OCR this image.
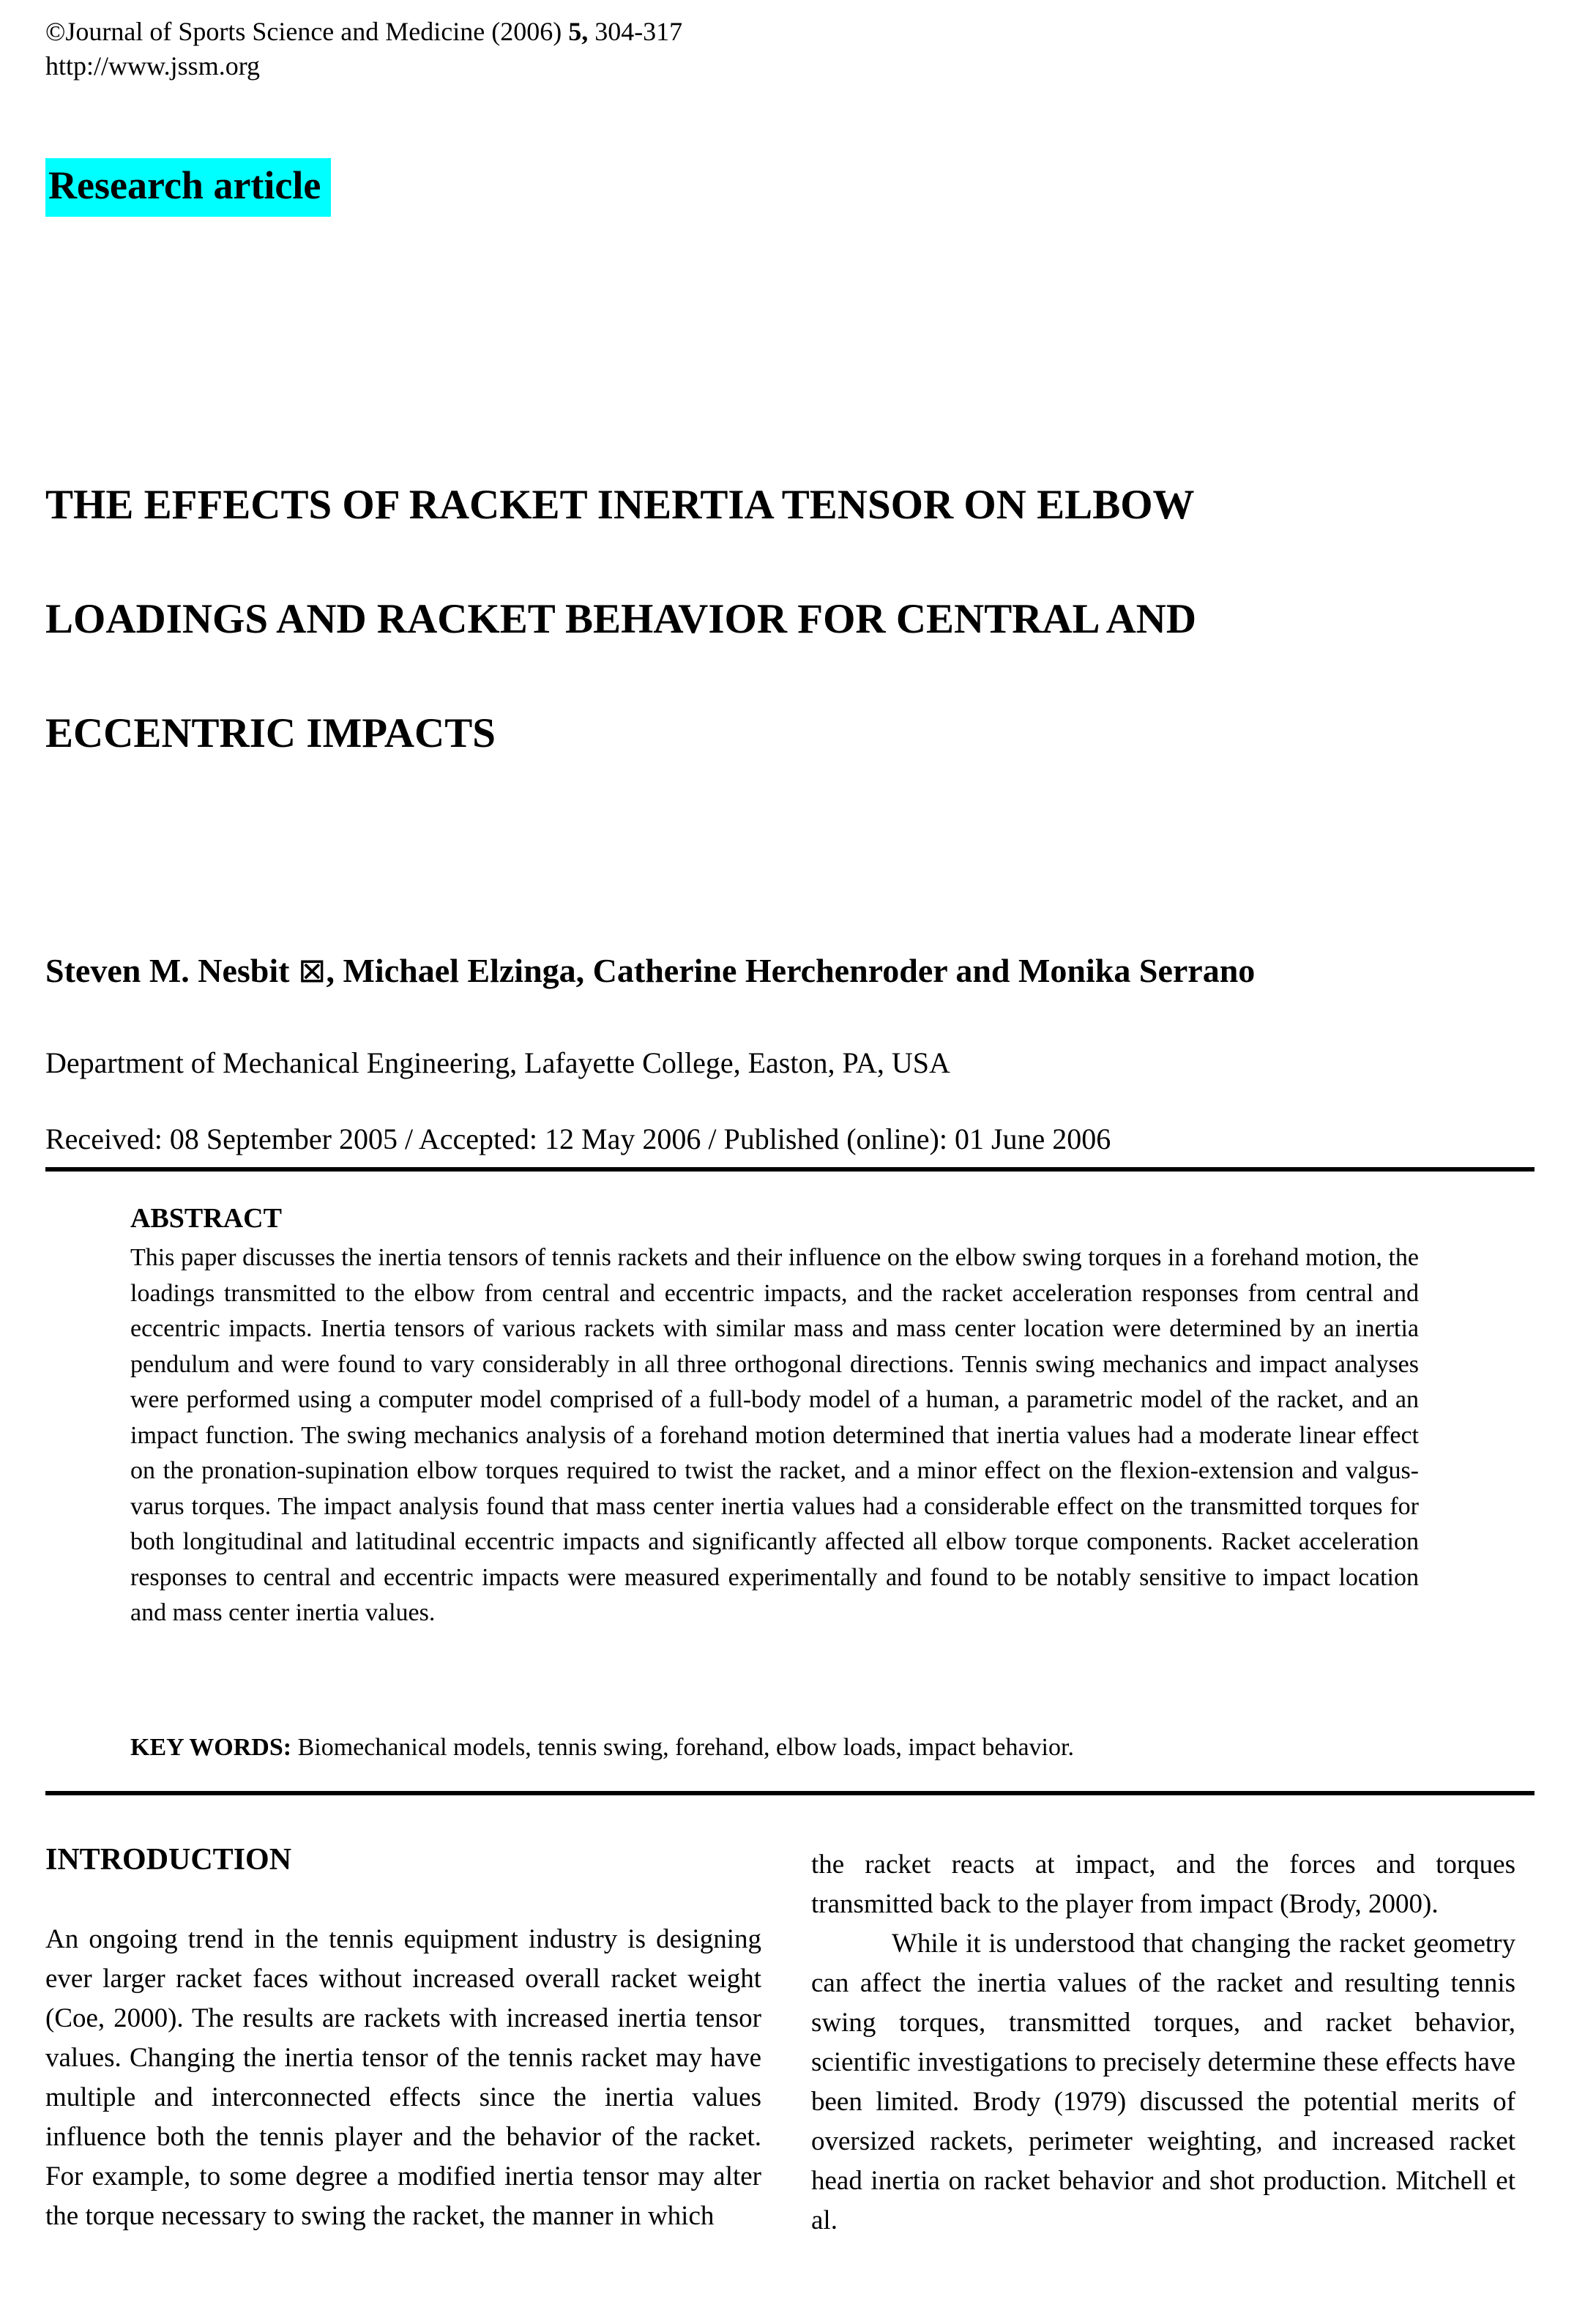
©Journal of Sports Science and Medicine (2006) 5, 304-317
http://www.jssm.org
Research article
THE EFFECTS OF RACKET INERTIA TENSOR ON ELBOW
LOADINGS AND RACKET BEHAVIOR FOR CENTRAL AND
ECCENTRIC IMPACTS
Steven M. Nesbit ⊠, Michael Elzinga, Catherine Herchenroder and Monika Serrano
Department of Mechanical Engineering, Lafayette College, Easton, PA, USA
Received: 08 September 2005 / Accepted: 12 May 2006 / Published (online): 01 June 2006
ABSTRACT
This paper discusses the inertia tensors of tennis rackets and their influence on the elbow swing torques in a forehand motion, the loadings transmitted to the elbow from central and eccentric impacts, and the racket acceleration responses from central and eccentric impacts. Inertia tensors of various rackets with similar mass and mass center location were determined by an inertia pendulum and were found to vary considerably in all three orthogonal directions. Tennis swing mechanics and impact analyses were performed using a computer model comprised of a full-body model of a human, a parametric model of the racket, and an impact function. The swing mechanics analysis of a forehand motion determined that inertia values had a moderate linear effect on the pronation-supination elbow torques required to twist the racket, and a minor effect on the flexion-extension and valgus-varus torques. The impact analysis found that mass center inertia values had a considerable effect on the transmitted torques for both longitudinal and latitudinal eccentric impacts and significantly affected all elbow torque components. Racket acceleration responses to central and eccentric impacts were measured experimentally and found to be notably sensitive to impact location and mass center inertia values.
KEY WORDS: Biomechanical models, tennis swing, forehand, elbow loads, impact behavior.
INTRODUCTION

An ongoing trend in the tennis equipment industry is designing ever larger racket faces without increased overall racket weight (Coe, 2000). The results are rackets with increased inertia tensor values. Changing the inertia tensor of the tennis racket may have multiple and interconnected effects since the inertia values influence both the tennis player and the behavior of the racket. For example, to some degree a modified inertia tensor may alter the torque necessary to swing the racket, the manner in which

the racket reacts at impact, and the forces and torques transmitted back to the player from impact (Brody, 2000).

While it is understood that changing the racket geometry can affect the inertia values of the racket and resulting tennis swing torques, transmitted torques, and racket behavior, scientific investigations to precisely determine these effects have been limited. Brody (1979) discussed the potential merits of oversized rackets, perimeter weighting, and increased racket head inertia on racket behavior and shot production. Mitchell et al.
